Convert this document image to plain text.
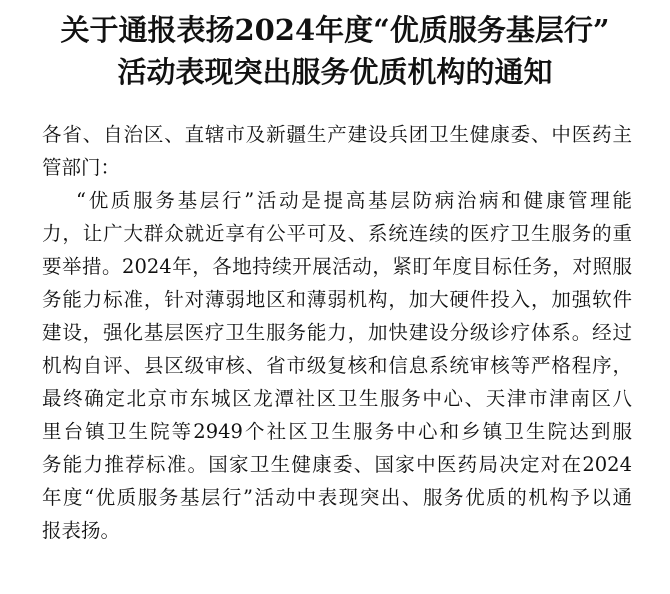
关于通报表扬2024年度“优质服务基层行”
活动表现突出服务优质机构的通知
各省、自治区、直辖市及新疆生产建设兵团卫生健康委、中医药主
管部门：
“优质服务基层行”活动是提高基层防病治病和健康管理能
力，让广大群众就近享有公平可及、系统连续的医疗卫生服务的重
要举措。2024年，各地持续开展活动，紧盯年度目标任务，对照服
务能力标准，针对薄弱地区和薄弱机构，加大硬件投入，加强软件
建设，强化基层医疗卫生服务能力，加快建设分级诊疗体系。经过
机构自评、县区级审核、省市级复核和信息系统审核等严格程序，
最终确定北京市东城区龙潭社区卫生服务中心、天津市津南区八
里台镇卫生院等2949个社区卫生服务中心和乡镇卫生院达到服
务能力推荐标准。国家卫生健康委、国家中医药局决定对在2024
年度“优质服务基层行”活动中表现突出、服务优质的机构予以通
报表扬。
